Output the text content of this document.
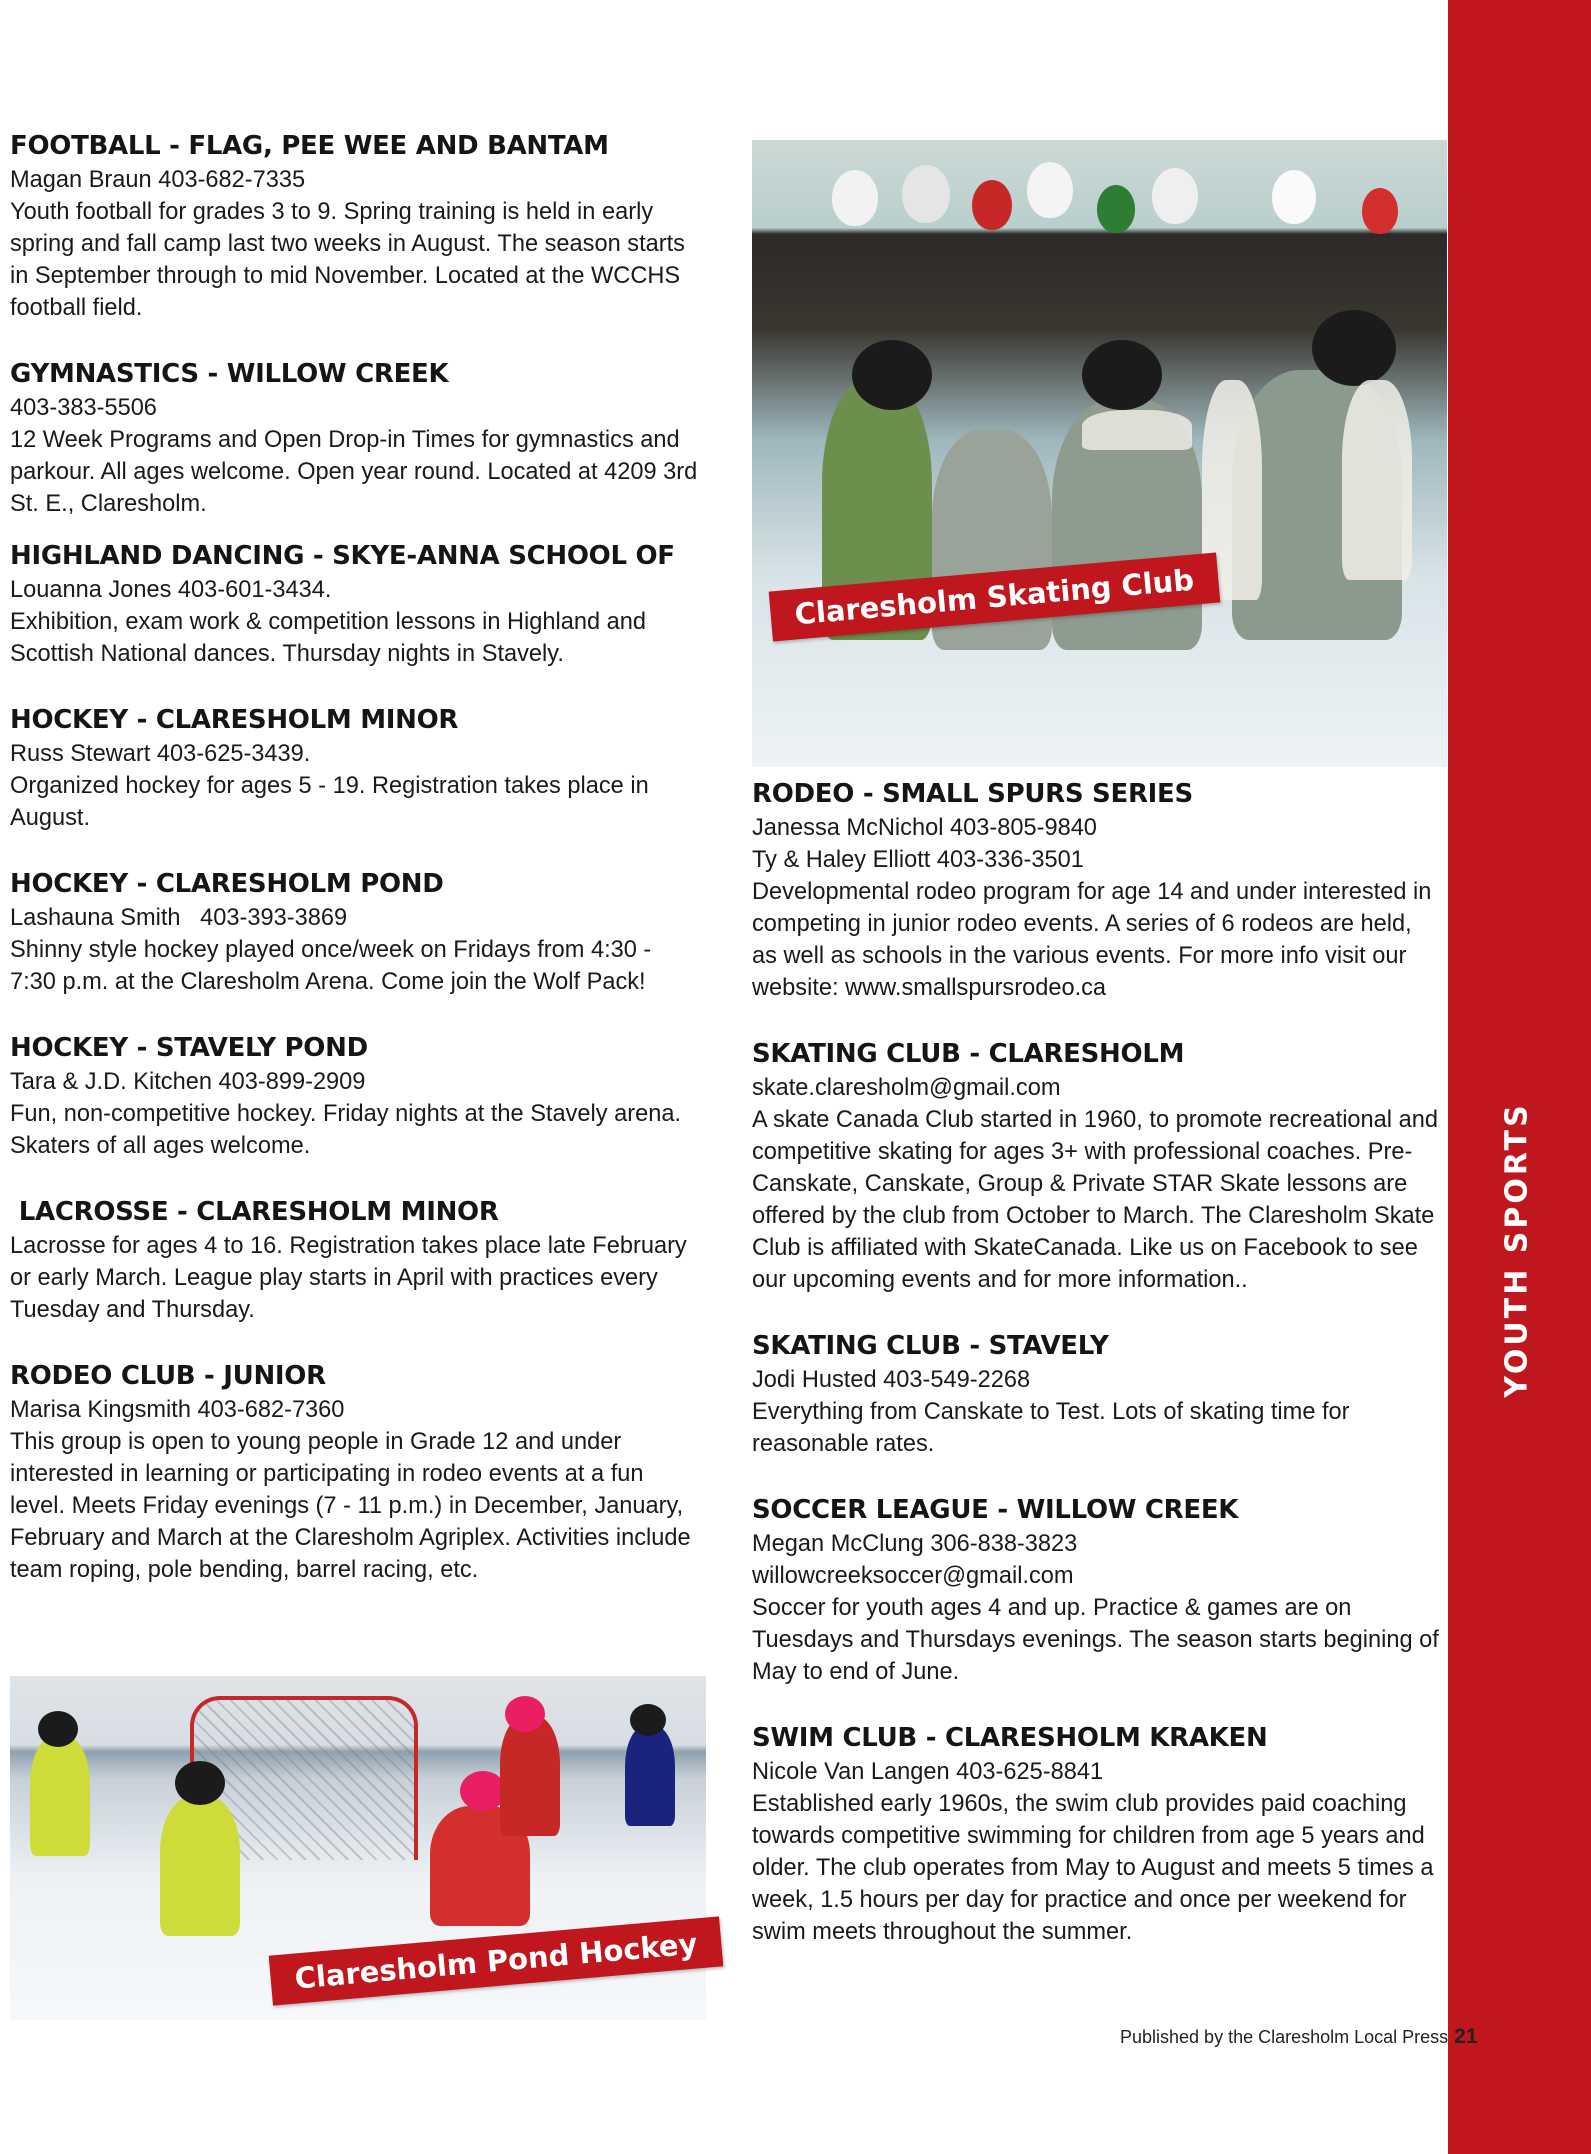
YOUTH SPORTS
Claresholm Skating Club
Claresholm Pond Hockey
FOOTBALL - FLAG, PEE WEE AND BANTAM

Magan Braun 403-682-7335

Youth football for grades 3 to 9. Spring training is held in early spring and fall camp last two weeks in August. The season starts in September through to mid November. Located at the WCCHS football field.

GYMNASTICS - WILLOW CREEK

403-383-5506

12 Week Programs and Open Drop-in Times for gymnastics and parkour. All ages welcome. Open year round. Located at 4209 3rd St. E., Claresholm.

HIGHLAND DANCING - SKYE-ANNA SCHOOL OF

Louanna Jones 403-601-3434.

Exhibition, exam work & competition lessons in Highland and Scottish National dances. Thursday nights in Stavely.

HOCKEY - CLARESHOLM MINOR

Russ Stewart 403-625-3439.

Organized hockey for ages 5 - 19. Registration takes place in August.

HOCKEY - CLARESHOLM POND

Lashauna Smith   403-393-3869

Shinny style hockey played once/week on Fridays from 4:30 - 7:30 p.m. at the Claresholm Arena. Come join the Wolf Pack!

HOCKEY - STAVELY POND

Tara & J.D. Kitchen 403-899-2909

Fun, non-competitive hockey. Friday nights at the Stavely arena. Skaters of all ages welcome.

LACROSSE - CLARESHOLM MINOR

Lacrosse for ages 4 to 16. Registration takes place late February or early March. League play starts in April with practices every Tuesday and Thursday.

RODEO CLUB - JUNIOR

Marisa Kingsmith 403-682-7360

This group is open to young people in Grade 12 and under interested in learning or participating in rodeo events at a fun level. Meets Friday evenings (7 - 11 p.m.) in December, January, February and March at the Claresholm Agriplex. Activities include team roping, pole bending, barrel racing, etc.

RODEO - SMALL SPURS SERIES

Janessa McNichol 403-805-9840

Ty & Haley Elliott 403-336-3501

Developmental rodeo program for age 14 and under interested in competing in junior rodeo events. A series of 6 rodeos are held, as well as schools in the various events. For more info visit our website: www.smallspursrodeo.ca

SKATING CLUB - CLARESHOLM

skate.claresholm@gmail.com

A skate Canada Club started in 1960, to promote recreational and competitive skating for ages 3+ with professional coaches. Pre-Canskate, Canskate, Group & Private STAR Skate lessons are offered by the club from October to March. The Claresholm Skate Club is affiliated with SkateCanada. Like us on Facebook to see our upcoming events and for more information..

SKATING CLUB - STAVELY

Jodi Husted 403-549-2268

Everything from Canskate to Test. Lots of skating time for reasonable rates.

SOCCER LEAGUE - WILLOW CREEK

Megan McClung 306-838-3823

willowcreeksoccer@gmail.com

Soccer for youth ages 4 and up. Practice & games are on Tuesdays and Thursdays evenings. The season starts begining of May to end of June.

SWIM CLUB - CLARESHOLM KRAKEN

Nicole Van Langen 403-625-8841

Established early 1960s, the swim club provides paid coaching towards competitive swimming for children from age 5 years and older. The club operates from May to August and meets 5 times a week, 1.5 hours per day for practice and once per weekend for swim meets throughout the summer.

Published by the Claresholm Local Press 21
